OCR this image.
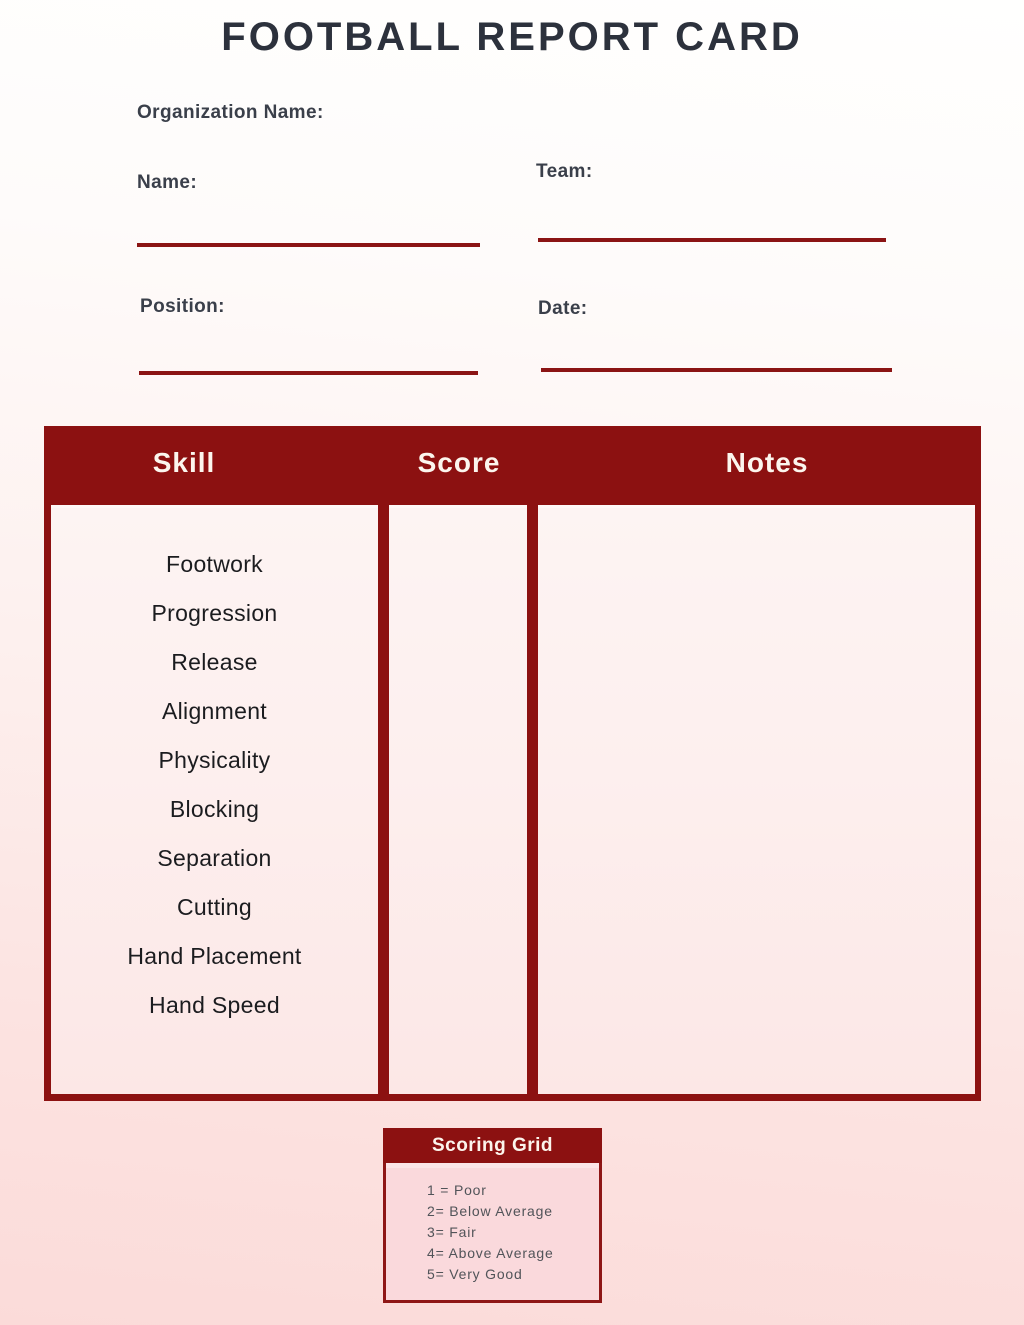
FOOTBALL REPORT CARD
Organization Name:
Name:
Team:
Position:	Date:
Skill	Score	Notes
Footwork
Progression
Release
Alignment
Physicality
Blocking
Separation
Cutting
Hand Placement
Hand Speed
Scoring Grid
1 = Poor
2= Below Average
3= Fair
4= Above Average
5= Very Good
